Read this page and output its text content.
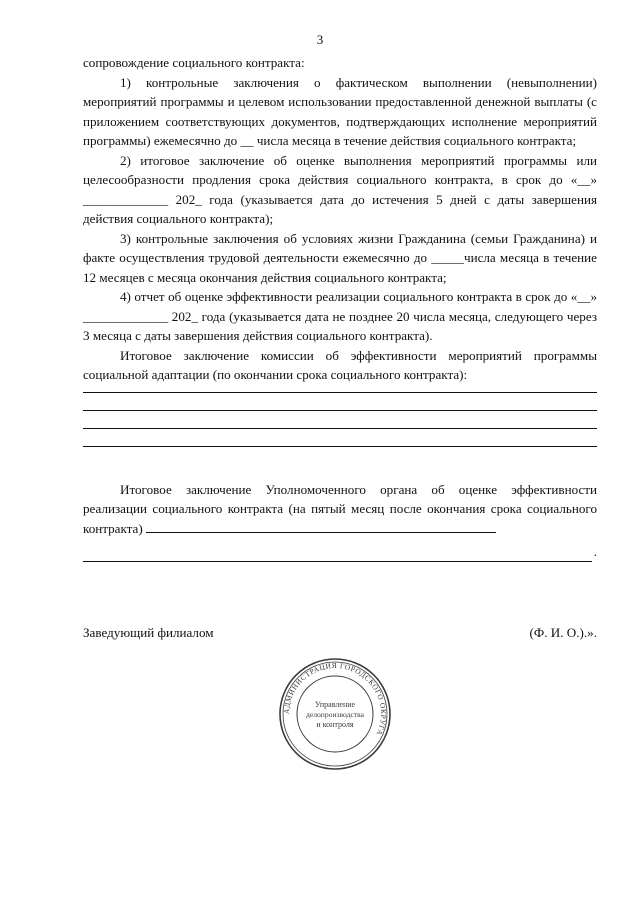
3

сопровождение социального контракта:

1) контрольные заключения о фактическом выполнении (невыполнении) мероприятий программы и целевом использовании предоставленной денежной выплаты (с приложением соответствующих документов, подтверждающих исполнение мероприятий программы) ежемесячно до __ числа месяца в течение действия социального контракта;

2) итоговое заключение об оценке выполнения мероприятий программы или целесообразности продления срока действия социального контракта, в срок до «__» _____________ 202_ года (указывается дата до истечения 5 дней с даты завершения действия социального контракта);

3) контрольные заключения об условиях жизни Гражданина (семьи Гражданина) и факте осуществления трудовой деятельности ежемесячно до _____числа месяца в течение 12 месяцев с месяца окончания действия социального контракта;

4) отчет об оценке эффективности реализации социального контракта в срок до «__» _____________ 202_ года (указывается дата не позднее 20 числа месяца, следующего через 3 месяца с даты завершения действия социального контракта).

Итоговое заключение комиссии об эффективности мероприятий программы социальной адаптации (по окончании срока социального контракта):

Итоговое заключение Уполномоченного органа об оценке эффективности реализации социального контракта (на пятый месяц после окончания срока социального контракта)

.
Заведующий филиалом	(Ф. И. О.).».
АДМИНИСТРАЦИЯ ГОРОДСКОГО ОКРУГА
Управление
делопроизводства
и контроля
